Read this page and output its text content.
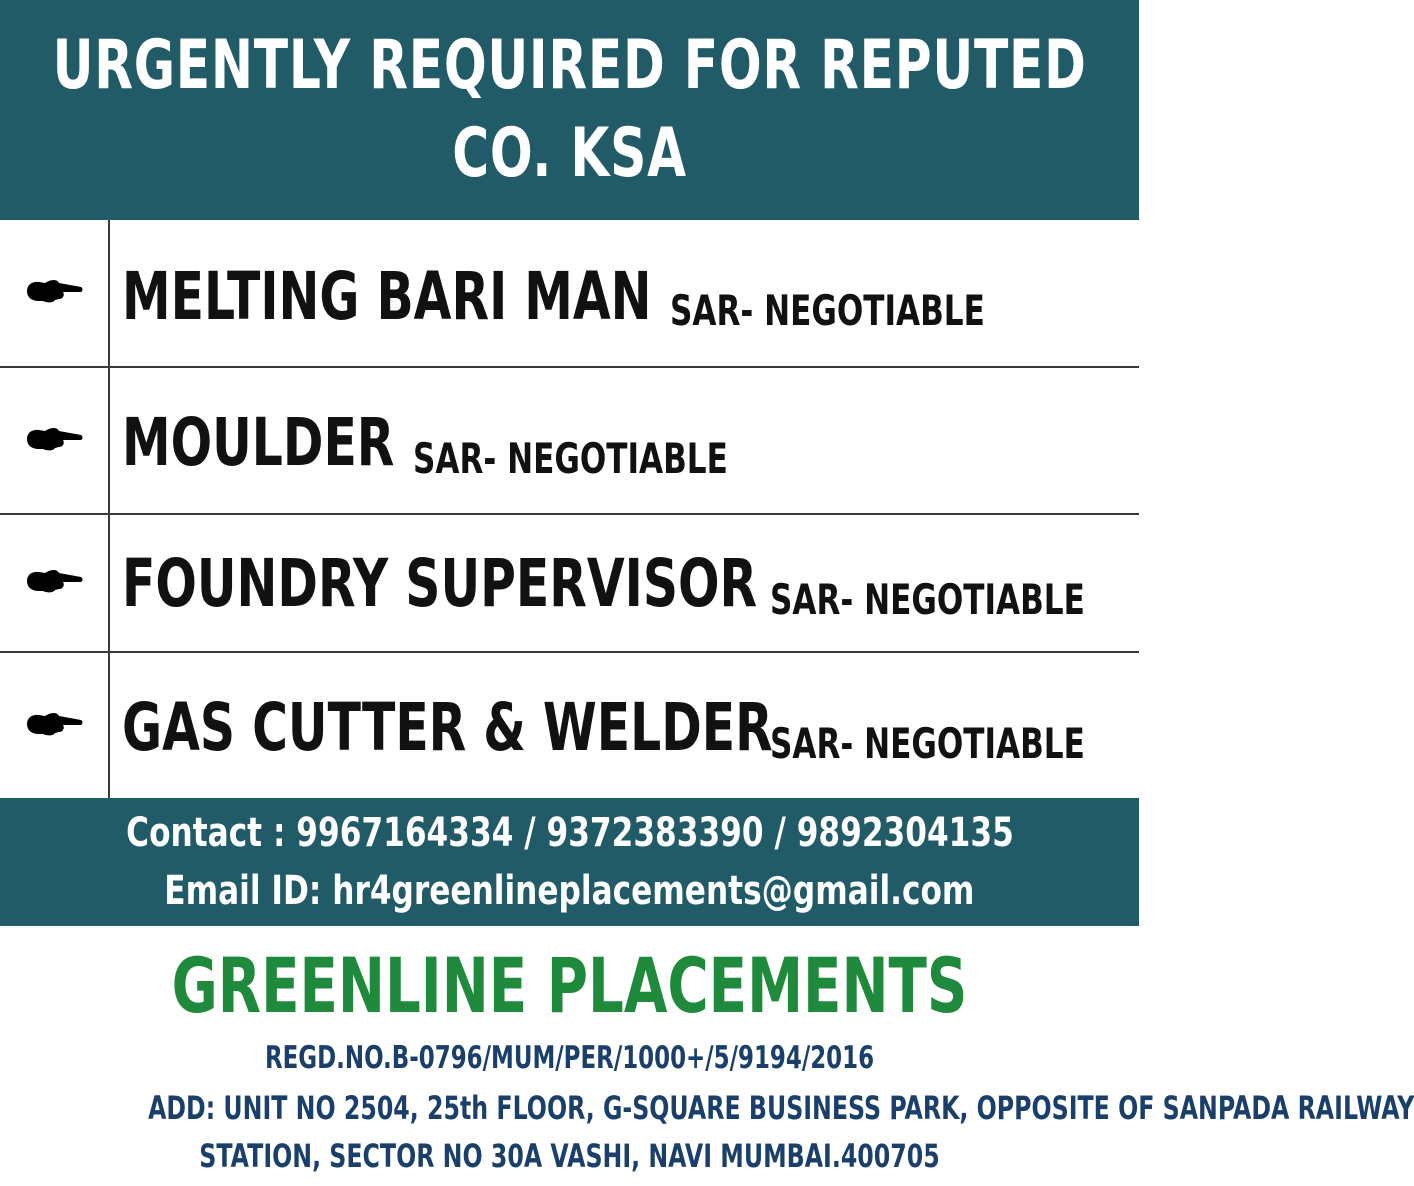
URGENTLY REQUIRED FOR REPUTED
CO. KSA
MELTING BARI MAN SAR- NEGOTIABLE
MOULDER SAR- NEGOTIABLE
FOUNDRY SUPERVISOR SAR- NEGOTIABLE
GAS CUTTER & WELDER
SAR- NEGOTIABLE
Contact : 9967164334 / 9372383390 / 9892304135
Email ID: hr4greenlineplacements@gmail.com
GREENLINE PLACEMENTS
REGD.NO.B-0796/MUM/PER/1000+/5/9194/2016
ADD: UNIT NO 2504, 25th FLOOR, G-SQUARE BUSINESS PARK, OPPOSITE OF SANPADA RAILWAY
STATION, SECTOR NO 30A VASHI, NAVI MUMBAI.400705
